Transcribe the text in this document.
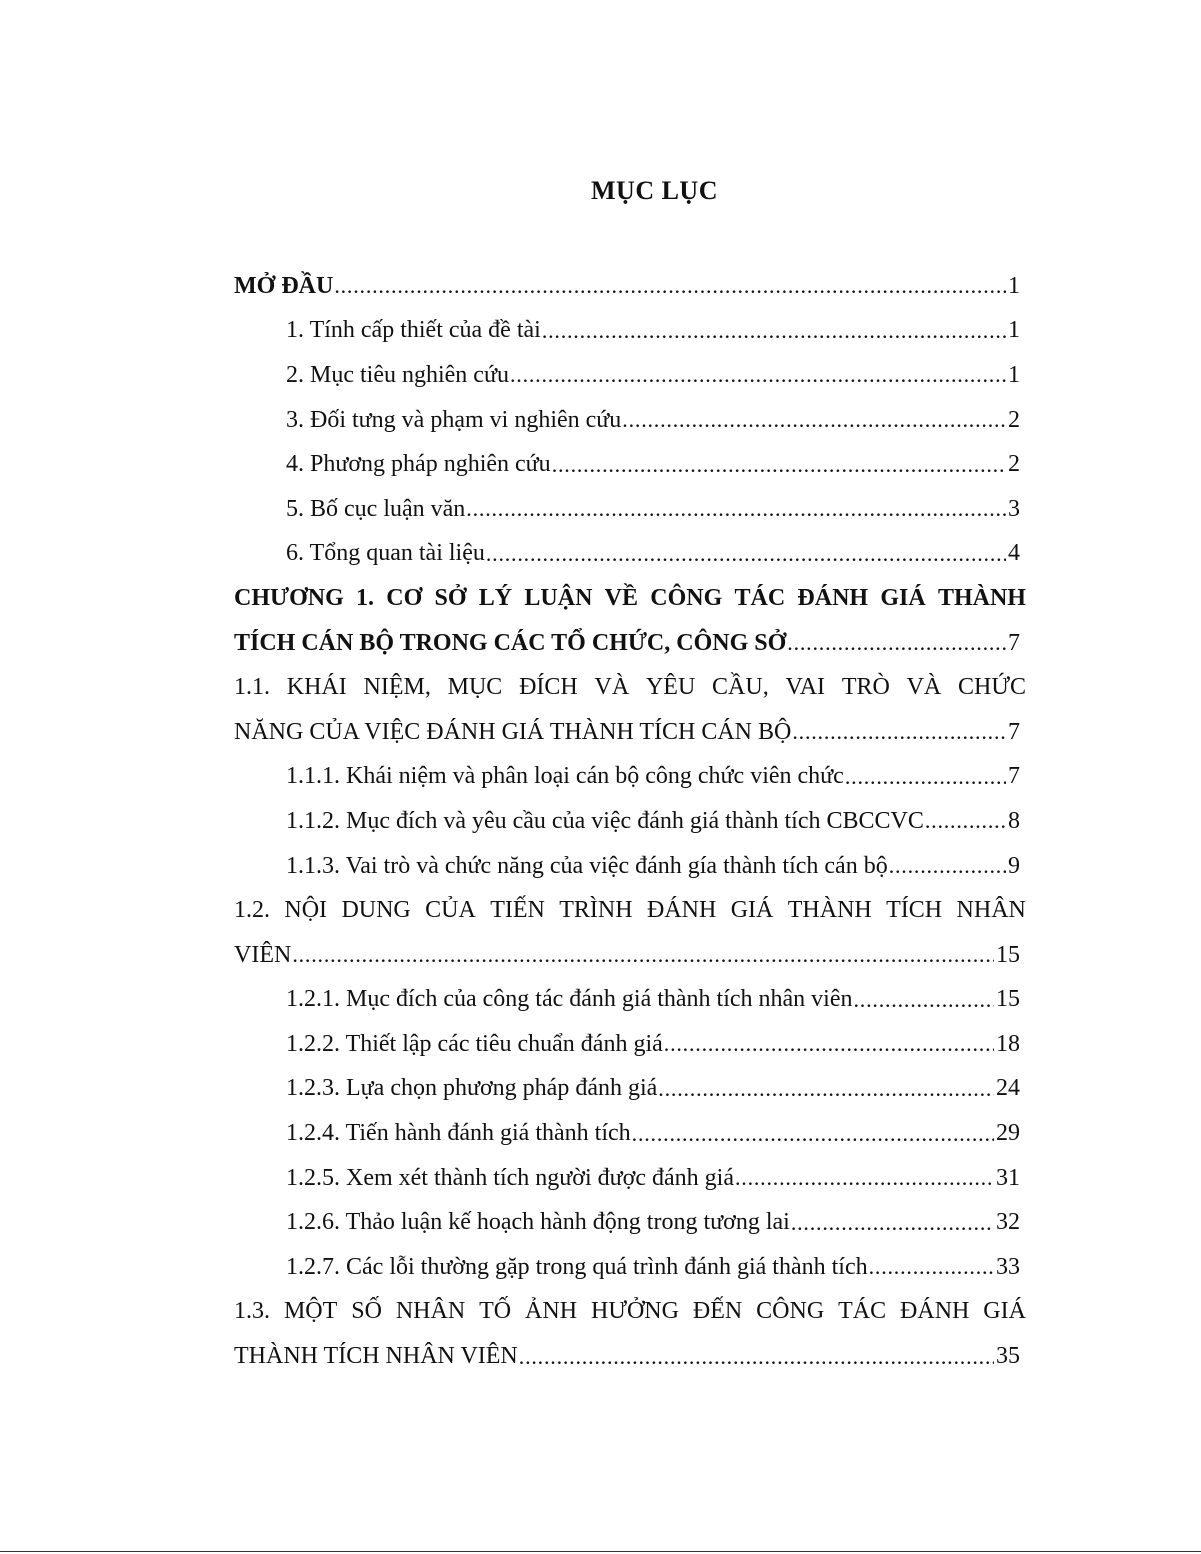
MỤC LỤC
MỞ ĐẦU .....	1
1. Tính cấp thiết của đề tài .....	1
2. Mục tiêu nghiên cứu .....	1
3. Đối tưng và phạm vi nghiên cứu .....	2
4. Phương pháp nghiên cứu .....	2
5. Bố cục luận văn .....	3
6. Tổng quan tài liệu .....	4
CHƯƠNG 1. CƠ SỞ LÝ LUẬN VỀ CÔNG TÁC ĐÁNH GIÁ THÀNH
TÍCH CÁN BỘ TRONG CÁC TỔ CHỨC, CÔNG SỞ .....	7
1.1. KHÁI NIỆM, MỤC ĐÍCH VÀ YÊU CẦU, VAI TRÒ VÀ CHỨC
NĂNG CỦA VIỆC ĐÁNH GIÁ THÀNH TÍCH CÁN BỘ .....	7
1.1.1. Khái niệm và phân loại cán bộ công chức viên chức .....	7
1.1.2. Mục đích và yêu cầu của việc đánh giá thành tích CBCCVC .....	8
1.1.3. Vai trò và chức năng của việc đánh gía thành tích cán bộ .....	9
1.2. NỘI DUNG CỦA TIẾN TRÌNH ĐÁNH GIÁ THÀNH TÍCH NHÂN
VIÊN .....	15
1.2.1. Mục đích của công tác đánh giá thành tích nhân viên .....	15
1.2.2. Thiết lập các tiêu chuẩn đánh giá .....	18
1.2.3. Lựa chọn phương pháp đánh giá .....	24
1.2.4. Tiến hành đánh giá thành tích .....	29
1.2.5. Xem xét thành tích người được đánh giá .....	31
1.2.6. Thảo luận kế hoạch hành động trong tương lai .....	32
1.2.7. Các lỗi thường gặp trong quá trình đánh giá thành tích .....	33
1.3. MỘT SỐ NHÂN TỐ ẢNH HƯỞNG ĐẾN CÔNG TÁC ĐÁNH GIÁ
THÀNH TÍCH NHÂN VIÊN .....	35
